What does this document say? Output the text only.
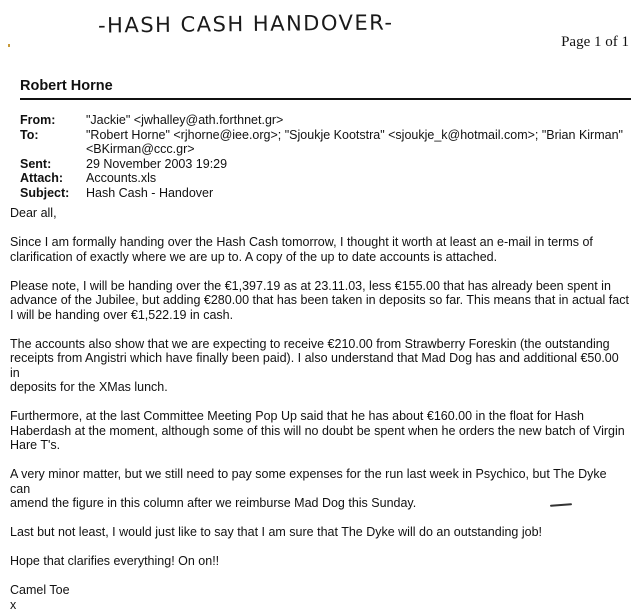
-HASH CASH HANDOVER-
Page 1 of 1
Robert Horne
From:	"Jackie" <jwhalley@ath.forthnet.gr>
To:	"Robert Horne" <rjhorne@iee.org>; "Sjoukje Kootstra" <sjoukje_k@hotmail.com>; "Brian Kirman"
<BKirman@ccc.gr>

Sent:	29 November 2003 19:29
Attach:	Accounts.xls
Subject:	Hash Cash - Handover

Dear all,

Since I am formally handing over the Hash Cash tomorrow, I thought it worth at least an e-mail in terms of
clarification of exactly where we are up to. A copy of the up to date accounts is attached.

Please note, I will be handing over the €1,397.19 as at 23.11.03, less €155.00 that has already been spent in
advance of the Jubilee, but adding €280.00 that has been taken in deposits so far. This means that in actual fact
I will be handing over €1,522.19 in cash.

The accounts also show that we are expecting to receive €210.00 from Strawberry Foreskin (the outstanding
receipts from Angistri which have finally been paid). I also understand that Mad Dog has and additional €50.00 in
deposits for the XMas lunch.

Furthermore, at the last Committee Meeting Pop Up said that he has about €160.00 in the float for Hash
Haberdash at the moment, although some of this will no doubt be spent when he orders the new batch of Virgin
Hare T's.

A very minor matter, but we still need to pay some expenses for the run last week in Psychico, but The Dyke can
amend the figure in this column after we reimburse Mad Dog this Sunday.

Last but not least, I would just like to say that I am sure that The Dyke will do an outstanding job!

Hope that clarifies everything! On on!!

Camel Toe
x
